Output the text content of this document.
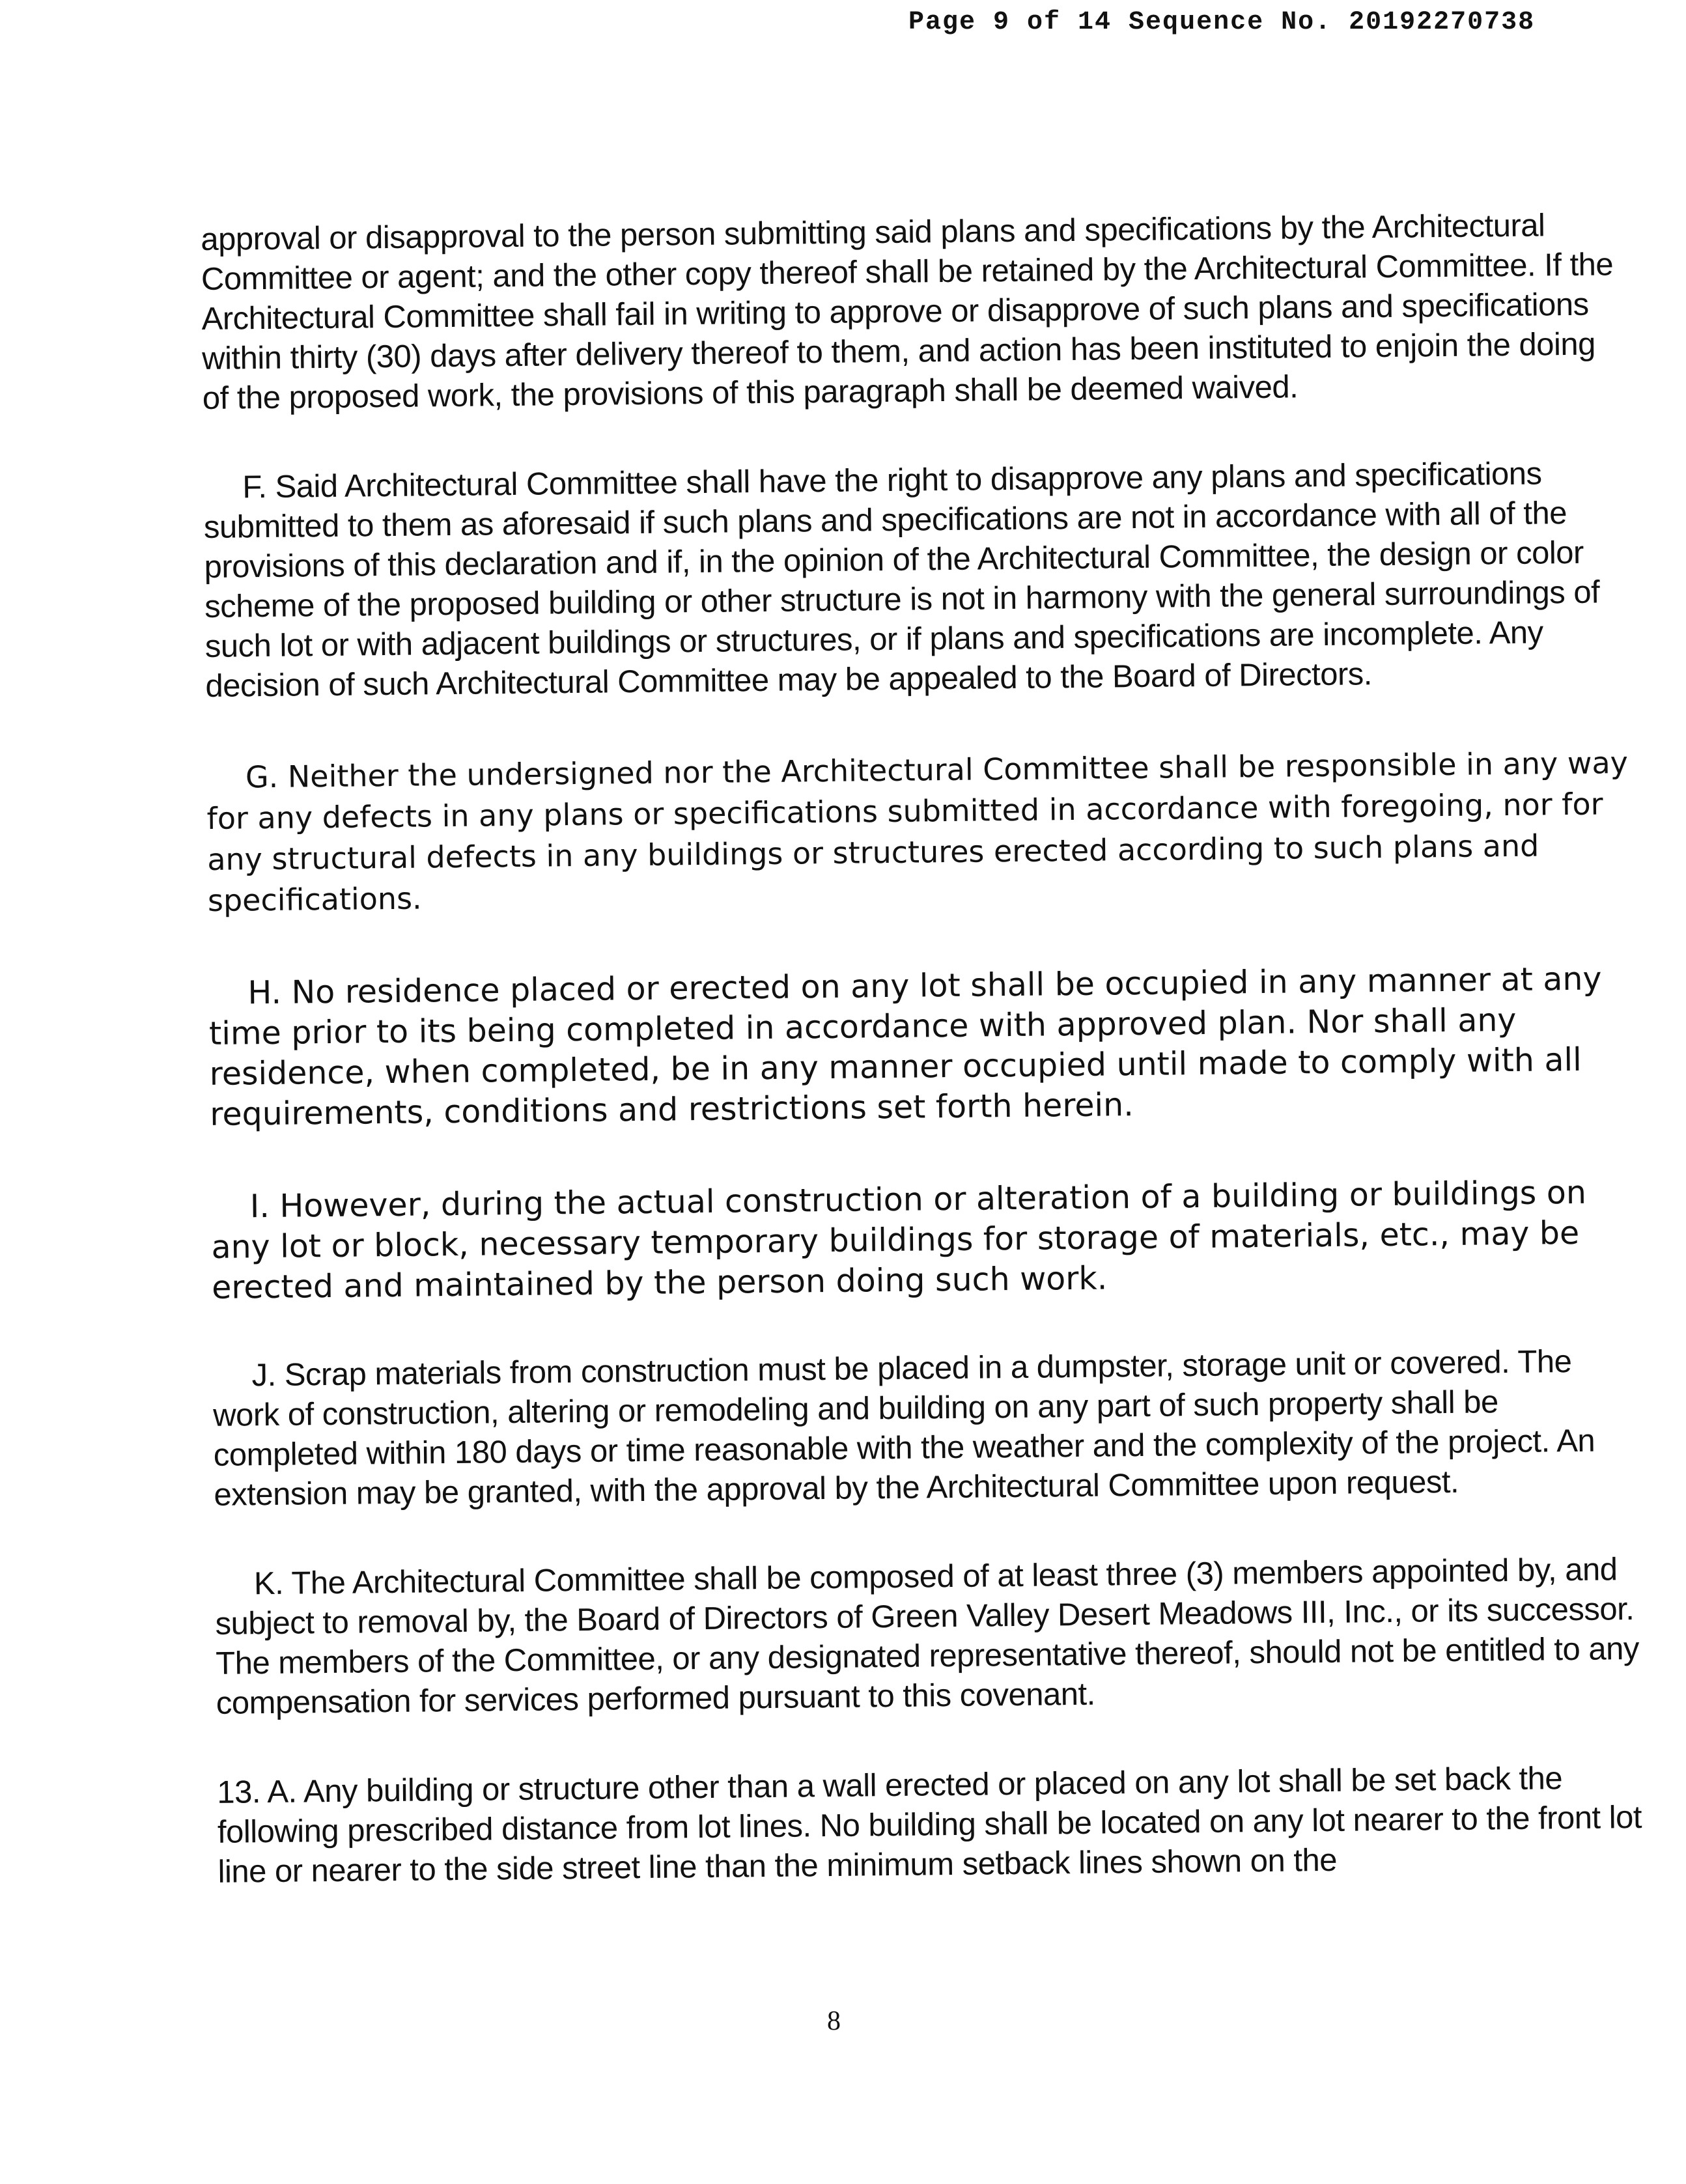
Page 9 of 14 Sequence No. 20192270738

approval or disapproval to the person submitting said plans and specifications by the Architectural Committee or agent; and the other copy thereof shall be retained by the Architectural Committee. If the Architectural Committee shall fail in writing to approve or disapprove of such plans and specifications within thirty (30) days after delivery thereof to them, and action has been instituted to enjoin the doing of the proposed work, the provisions of this paragraph shall be deemed waived.

F. Said Architectural Committee shall have the right to disapprove any plans and specifications submitted to them as aforesaid if such plans and specifications are not in accordance with all of the provisions of this declaration and if, in the opinion of the Architectural Committee, the design or color scheme of the proposed building or other structure is not in harmony with the general surroundings of such lot or with adjacent buildings or structures, or if plans and specifications are incomplete. Any decision of such Architectural Committee may be appealed to the Board of Directors.

G. Neither the undersigned nor the Architectural Committee shall be responsible in any way for any defects in any plans or specifications submitted in accordance with foregoing, nor for any structural defects in any buildings or structures erected according to such plans and specifications.

H. No residence placed or erected on any lot shall be occupied in any manner at any time prior to its being completed in accordance with approved plan. Nor shall any residence, when completed, be in any manner occupied until made to comply with all requirements, conditions and restrictions set forth herein.

I. However, during the actual construction or alteration of a building or buildings on any lot or block, necessary temporary buildings for storage of materials, etc., may be erected and maintained by the person doing such work.

J. Scrap materials from construction must be placed in a dumpster, storage unit or covered. The work of construction, altering or remodeling and building on any part of such property shall be completed within 180 days or time reasonable with the weather and the complexity of the project. An extension may be granted, with the approval by the Architectural Committee upon request.

K. The Architectural Committee shall be composed of at least three (3) members appointed by, and subject to removal by, the Board of Directors of Green Valley Desert Meadows III, Inc., or its successor. The members of the Committee, or any designated representative thereof, should not be entitled to any compensation for services performed pursuant to this covenant.

13. A. Any building or structure other than a wall erected or placed on any lot shall be set back the following prescribed distance from lot lines. No building shall be located on any lot nearer to the front lot line or nearer to the side street line than the minimum setback lines shown on the

8
